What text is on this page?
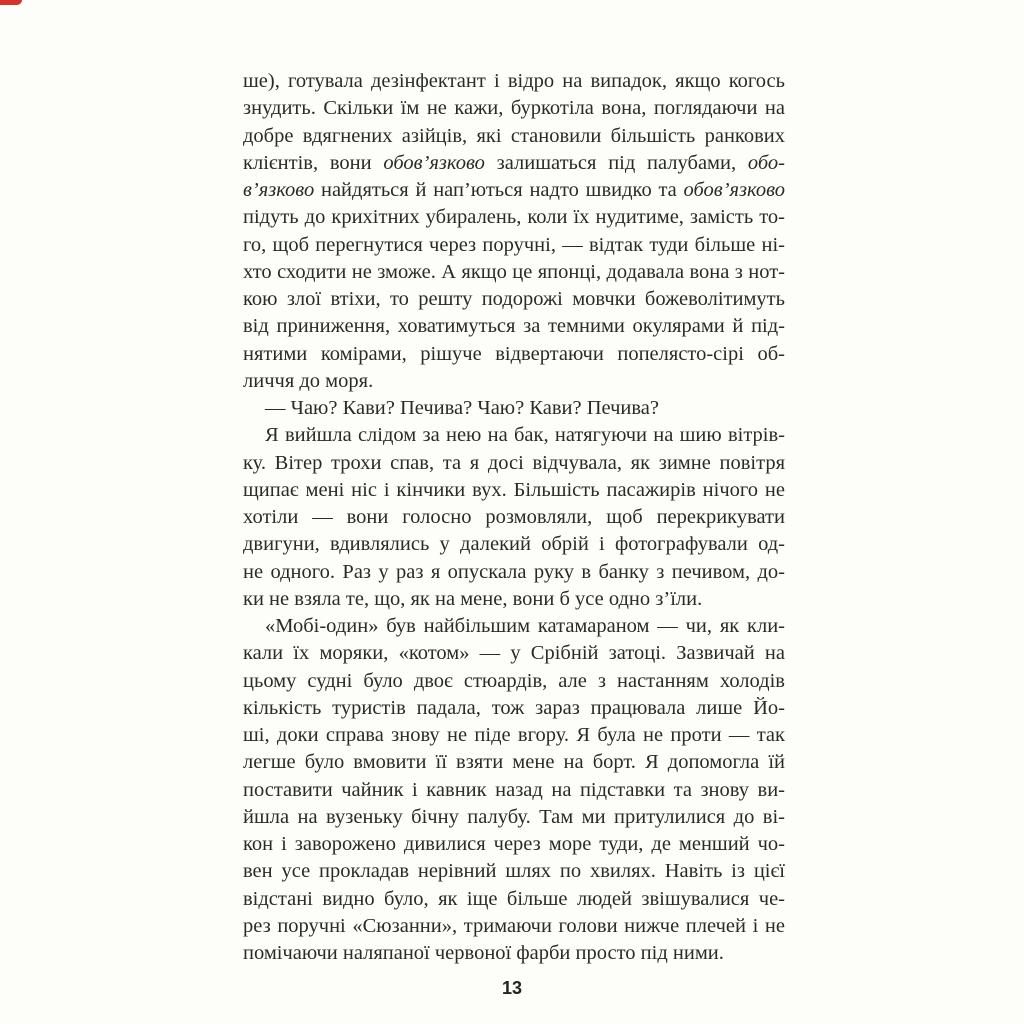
ше), готувала дезінфектант і відро на випадок, якщо когось
знудить. Скільки їм не кажи, буркотіла вона, поглядаючи на
добре вдягнених азійців, які становили більшість ранкових
клієнтів, вони обов’язково залишаться під палубами, обо-
в’язково найдяться й нап’ються надто швидко та обов’язково
підуть до крихітних убиралень, коли їх нудитиме, замість то-
го, щоб перегнутися через поручні, — відтак туди більше ні-
хто сходити не зможе. А якщо це японці, додавала вона з нот-
кою злої втіхи, то решту подорожі мовчки божеволітимуть
від приниження, ховатимуться за темними окулярами й під-
нятими комірами, рішуче відвертаючи попелясто-сірі об-
личчя до моря.
— Чаю? Кави? Печива? Чаю? Кави? Печива?
Я вийшла слідом за нею на бак, натягуючи на шию вітрів-
ку. Вітер трохи спав, та я досі відчувала, як зимне повітря
щипає мені ніс і кінчики вух. Більшість пасажирів нічого не
хотіли — вони голосно розмовляли, щоб перекрикувати
двигуни, вдивлялись у далекий обрій і фотографували од-
не одного. Раз у раз я опускала руку в банку з печивом, до-
ки не взяла те, що, як на мене, вони б усе одно з’їли.
«Мобі-один» був найбільшим катамараном — чи, як кли-
кали їх моряки, «котом» — у Срібній затоці. Зазвичай на
цьому судні було двоє стюардів, але з настанням холодів
кількість туристів падала, тож зараз працювала лише Йо-
ші, доки справа знову не піде вгору. Я була не проти — так
легше було вмовити її взяти мене на борт. Я допомогла їй
поставити чайник і кавник назад на підставки та знову ви-
йшла на вузеньку бічну палубу. Там ми притулилися до ві-
кон і заворожено дивилися через море туди, де менший чо-
вен усе прокладав нерівний шлях по хвилях. Навіть із цієї
відстані видно було, як іще більше людей звішувалися че-
рез поручні «Сюзанни», тримаючи голови нижче плечей і не
помічаючи наляпаної червоної фарби просто під ними.
13
